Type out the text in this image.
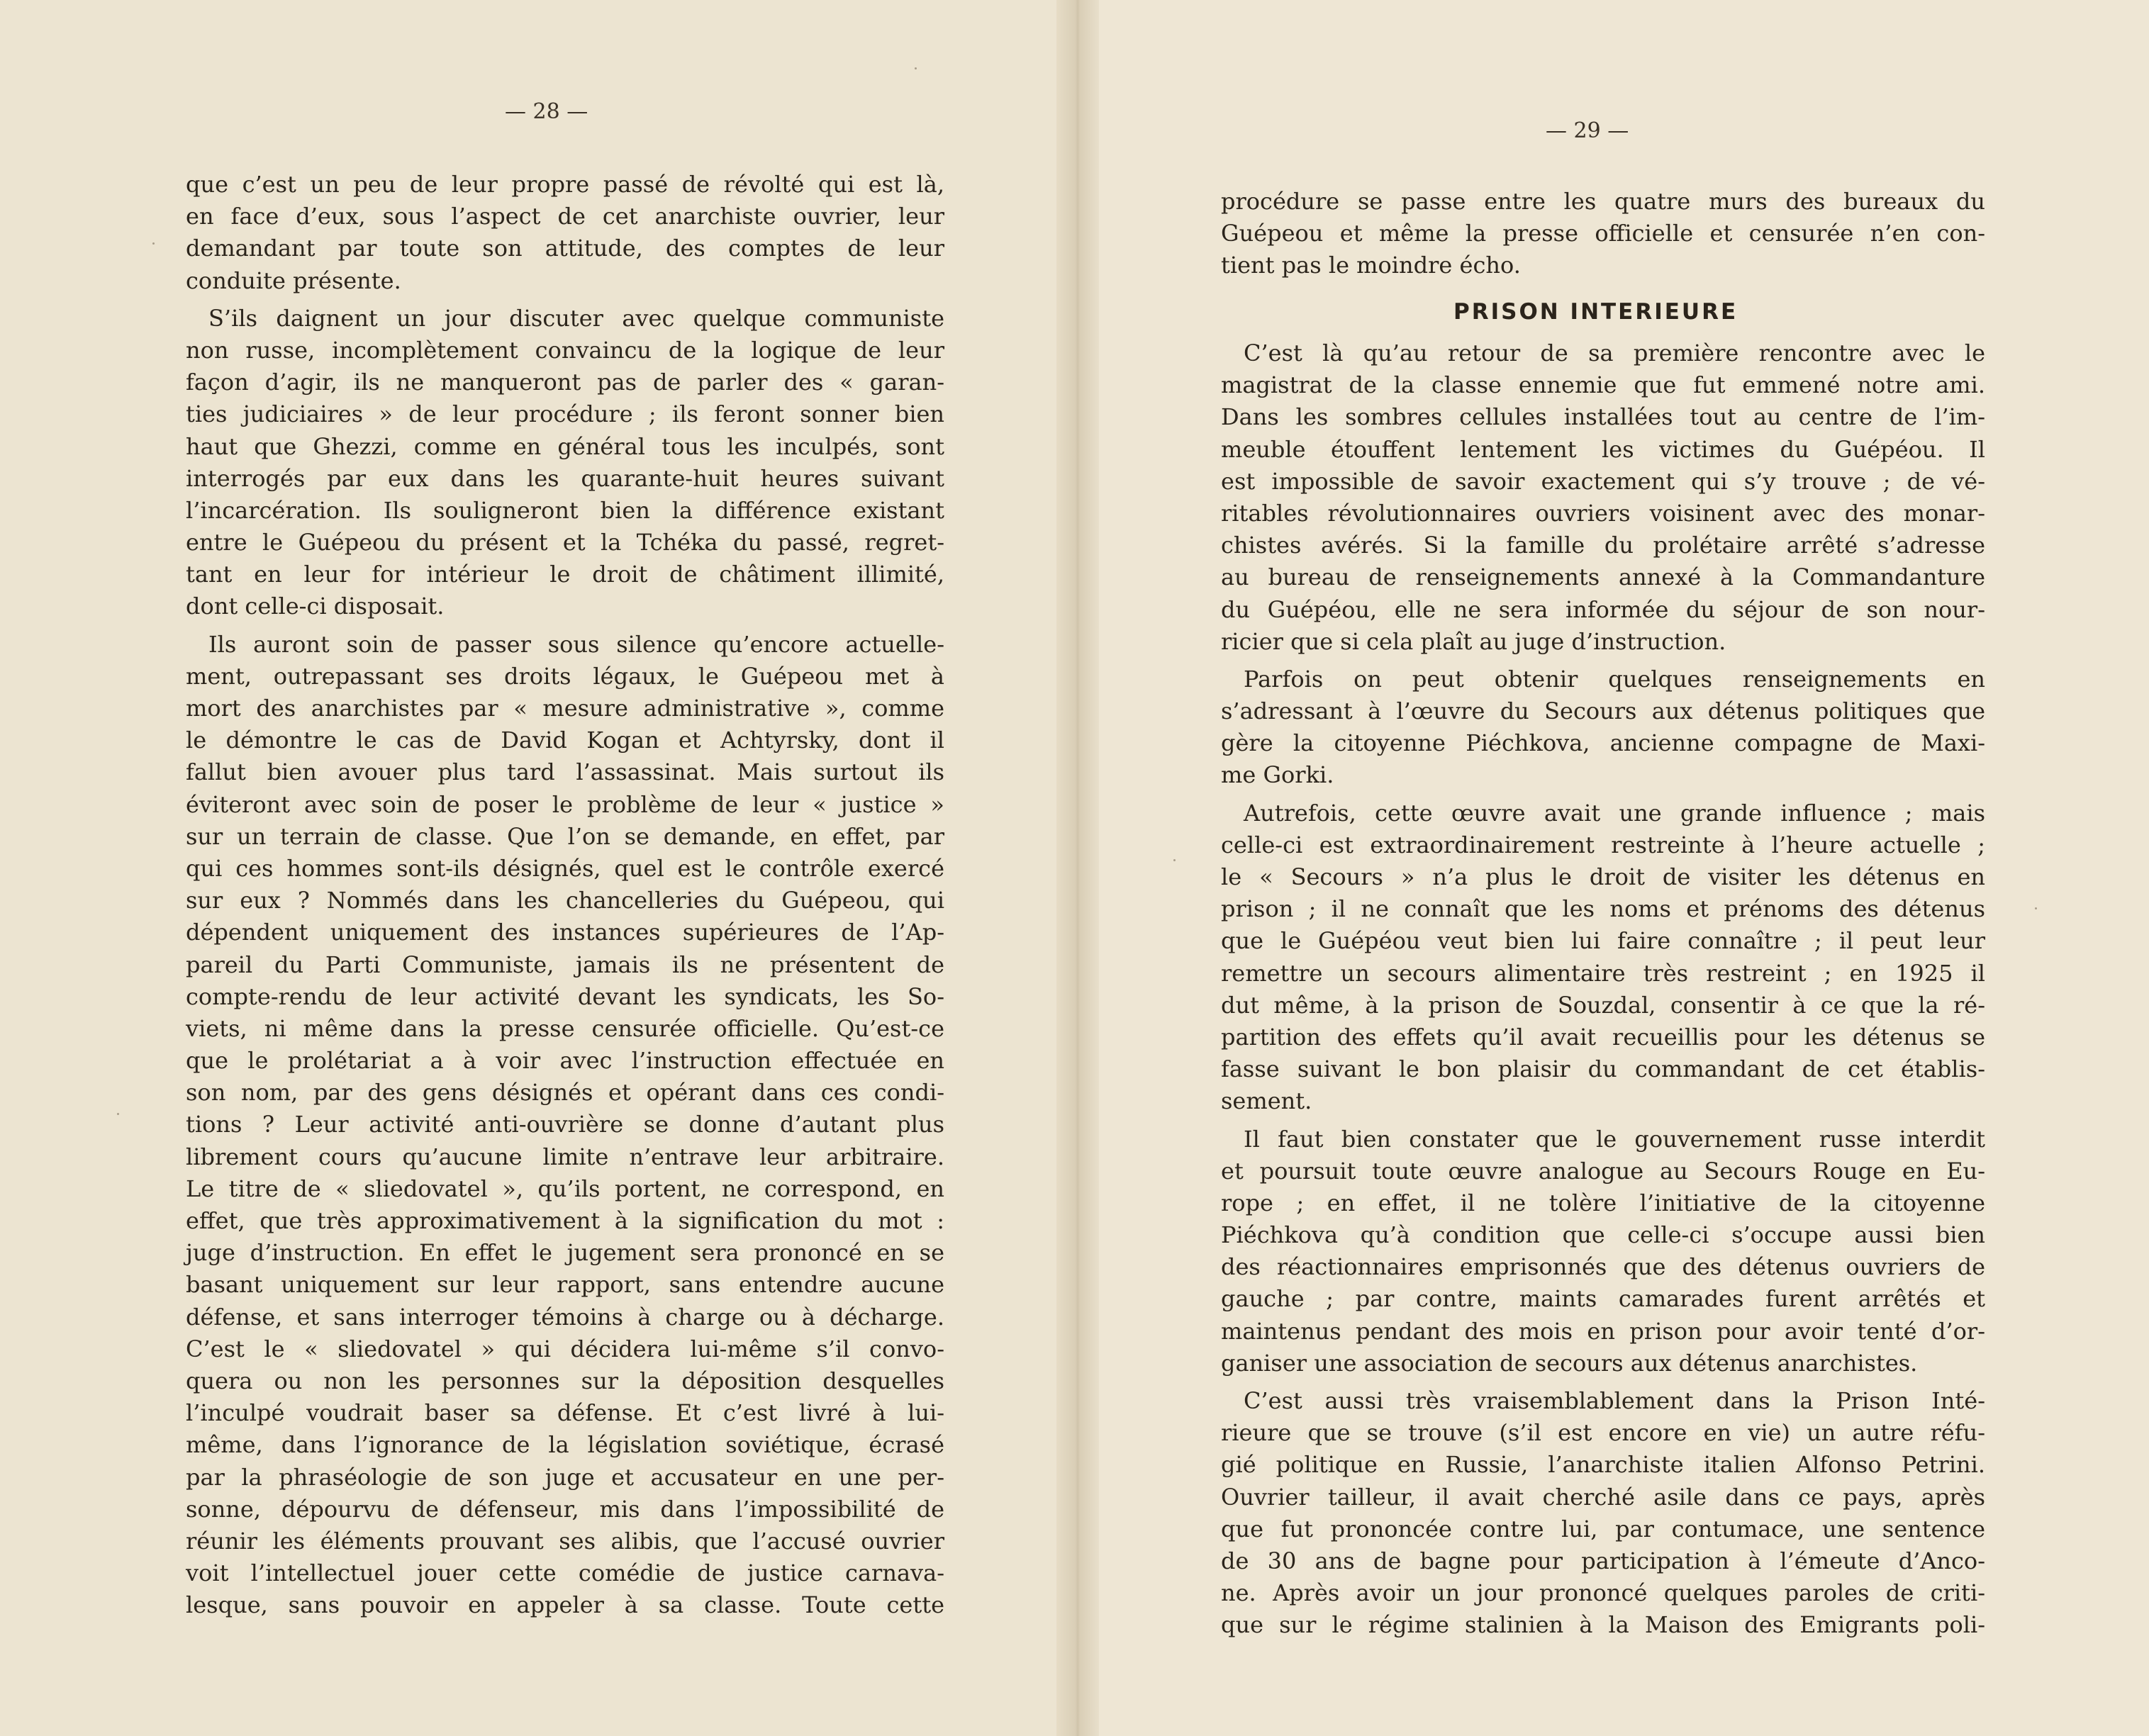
— 28 —
— 29 —
que c’est un peu de leur propre passé de révolté qui est là,
en face d’eux, sous l’aspect de cet anarchiste ouvrier, leur
demandant par toute son attitude, des comptes de leur
conduite présente.
S’ils daignent un jour discuter avec quelque communiste
non russe, incomplètement convaincu de la logique de leur
façon d’agir, ils ne manqueront pas de parler des « garan-
ties judiciaires » de leur procédure ; ils feront sonner bien
haut que Ghezzi, comme en général tous les inculpés, sont
interrogés par eux dans les quarante-huit heures suivant
l’incarcération. Ils souligneront bien la différence existant
entre le Guépeou du présent et la Tchéka du passé, regret-
tant en leur for intérieur le droit de châtiment illimité,
dont celle-ci disposait.
Ils auront soin de passer sous silence qu’encore actuelle-
ment, outrepassant ses droits légaux, le Guépeou met à
mort des anarchistes par « mesure administrative », comme
le démontre le cas de David Kogan et Achtyrsky, dont il
fallut bien avouer plus tard l’assassinat. Mais surtout ils
éviteront avec soin de poser le problème de leur « justice »
sur un terrain de classe. Que l’on se demande, en effet, par
qui ces hommes sont-ils désignés, quel est le contrôle exercé
sur eux ? Nommés dans les chancelleries du Guépeou, qui
dépendent uniquement des instances supérieures de l’Ap-
pareil du Parti Communiste, jamais ils ne présentent de
compte-rendu de leur activité devant les syndicats, les So-
viets, ni même dans la presse censurée officielle. Qu’est-ce
que le prolétariat a à voir avec l’instruction effectuée en
son nom, par des gens désignés et opérant dans ces condi-
tions ? Leur activité anti-ouvrière se donne d’autant plus
librement cours qu’aucune limite n’entrave leur arbitraire.
Le titre de « sliedovatel », qu’ils portent, ne correspond, en
effet, que très approximativement à la signification du mot :
juge d’instruction. En effet le jugement sera prononcé en se
basant uniquement sur leur rapport, sans entendre aucune
défense, et sans interroger témoins à charge ou à décharge.
C’est le « sliedovatel » qui décidera lui-même s’il convo-
quera ou non les personnes sur la déposition desquelles
l’inculpé voudrait baser sa défense. Et c’est livré à lui-
même, dans l’ignorance de la législation soviétique, écrasé
par la phraséologie de son juge et accusateur en une per-
sonne, dépourvu de défenseur, mis dans l’impossibilité de
réunir les éléments prouvant ses alibis, que l’accusé ouvrier
voit l’intellectuel jouer cette comédie de justice carnava-
lesque, sans pouvoir en appeler à sa classe. Toute cette
procédure se passe entre les quatre murs des bureaux du
Guépeou et même la presse officielle et censurée n’en con-
tient pas le moindre écho.
PRISON INTERIEURE
C’est là qu’au retour de sa première rencontre avec le
magistrat de la classe ennemie que fut emmené notre ami.
Dans les sombres cellules installées tout au centre de l’im-
meuble étouffent lentement les victimes du Guépéou. Il
est impossible de savoir exactement qui s’y trouve ; de vé-
ritables révolutionnaires ouvriers voisinent avec des monar-
chistes avérés. Si la famille du prolétaire arrêté s’adresse
au bureau de renseignements annexé à la Commandanture
du Guépéou, elle ne sera informée du séjour de son nour-
ricier que si cela plaît au juge d’instruction.
Parfois on peut obtenir quelques renseignements en
s’adressant à l’œuvre du Secours aux détenus politiques que
gère la citoyenne Piéchkova, ancienne compagne de Maxi-
me Gorki.
Autrefois, cette œuvre avait une grande influence ; mais
celle-ci est extraordinairement restreinte à l’heure actuelle ;
le « Secours » n’a plus le droit de visiter les détenus en
prison ; il ne connaît que les noms et prénoms des détenus
que le Guépéou veut bien lui faire connaître ; il peut leur
remettre un secours alimentaire très restreint ; en 1925 il
dut même, à la prison de Souzdal, consentir à ce que la ré-
partition des effets qu’il avait recueillis pour les détenus se
fasse suivant le bon plaisir du commandant de cet établis-
sement.
Il faut bien constater que le gouvernement russe interdit
et poursuit toute œuvre analogue au Secours Rouge en Eu-
rope ; en effet, il ne tolère l’initiative de la citoyenne
Piéchkova qu’à condition que celle-ci s’occupe aussi bien
des réactionnaires emprisonnés que des détenus ouvriers de
gauche ; par contre, maints camarades furent arrêtés et
maintenus pendant des mois en prison pour avoir tenté d’or-
ganiser une association de secours aux détenus anarchistes.
C’est aussi très vraisemblablement dans la Prison Inté-
rieure que se trouve (s’il est encore en vie) un autre réfu-
gié politique en Russie, l’anarchiste italien Alfonso Petrini.
Ouvrier tailleur, il avait cherché asile dans ce pays, après
que fut prononcée contre lui, par contumace, une sentence
de 30 ans de bagne pour participation à l’émeute d’Anco-
ne. Après avoir un jour prononcé quelques paroles de criti-
que sur le régime stalinien à la Maison des Emigrants poli-
